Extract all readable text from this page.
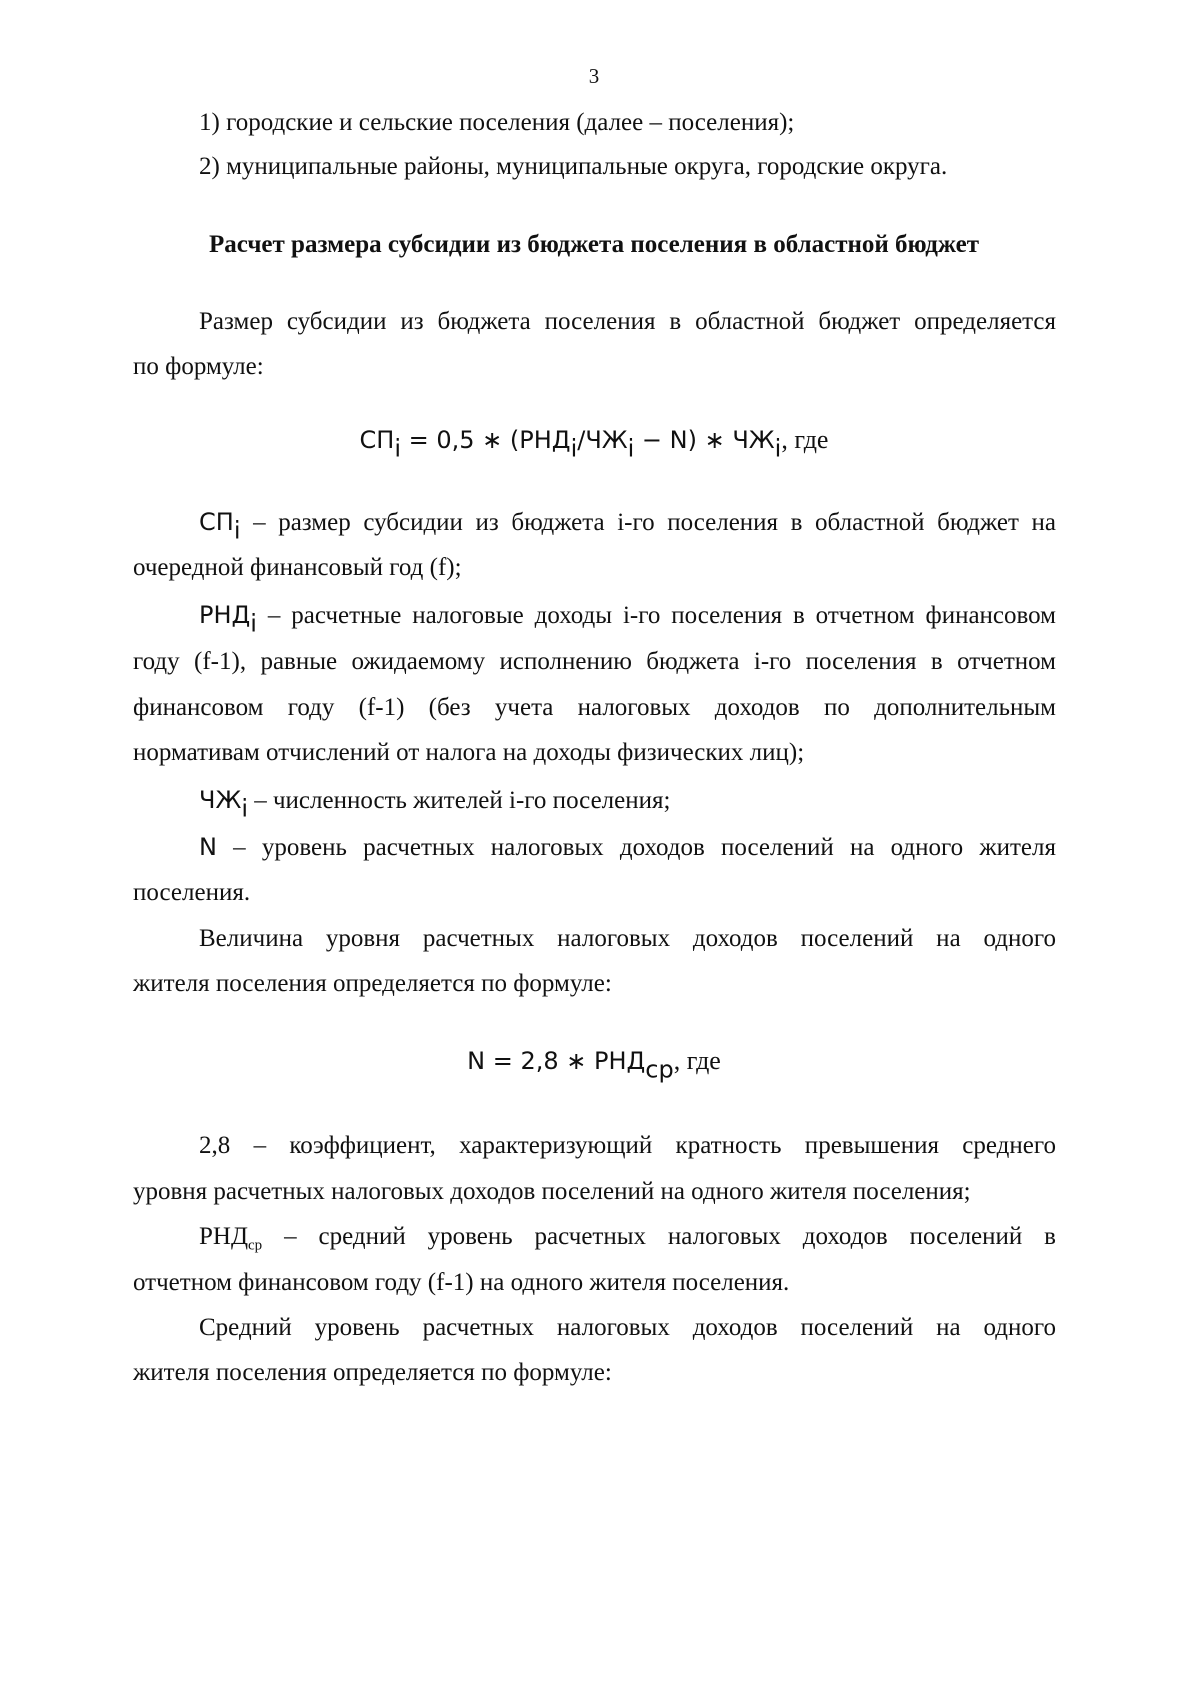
3
1) городские и сельские поселения (далее – поселения);
2) муниципальные районы, муниципальные округа, городские округа.
Расчет размера субсидии из бюджета поселения в областной бюджет
Размер субсидии из бюджета поселения в областной бюджет определяется
по формуле:
$СП_i = 0,5$ ∗ $(РНД_i/ЧЖ_i - N)$ ∗ $ЧЖ_i$, где
$СП_i$ – размер субсидии из бюджета i-го поселения в областной бюджет на
очередной финансовый год (f);
$РНД_i$ – расчетные налоговые доходы i-го поселения в отчетном финансовом
году (f-1), равные ожидаемому исполнению бюджета i-го поселения в отчетном
финансовом году (f-1) (без учета налоговых доходов по дополнительным
нормативам отчислений от налога на доходы физических лиц);
$ЧЖ_i$ – численность жителей i-го поселения;
N – уровень расчетных налоговых доходов поселений на одного жителя
поселения.
Величина уровня расчетных налоговых доходов поселений на одного
жителя поселения определяется по формуле:
N = 2,8 ∗ $РНД_{ср}$, где
2,8 – коэффициент, характеризующий кратность превышения среднего
уровня расчетных налоговых доходов поселений на одного жителя поселения;
$РНД_{ср}$ – средний уровень расчетных налоговых доходов поселений в
отчетном финансовом году (f-1) на одного жителя поселения.
Средний уровень расчетных налоговых доходов поселений на одного
жителя поселения определяется по формуле:
